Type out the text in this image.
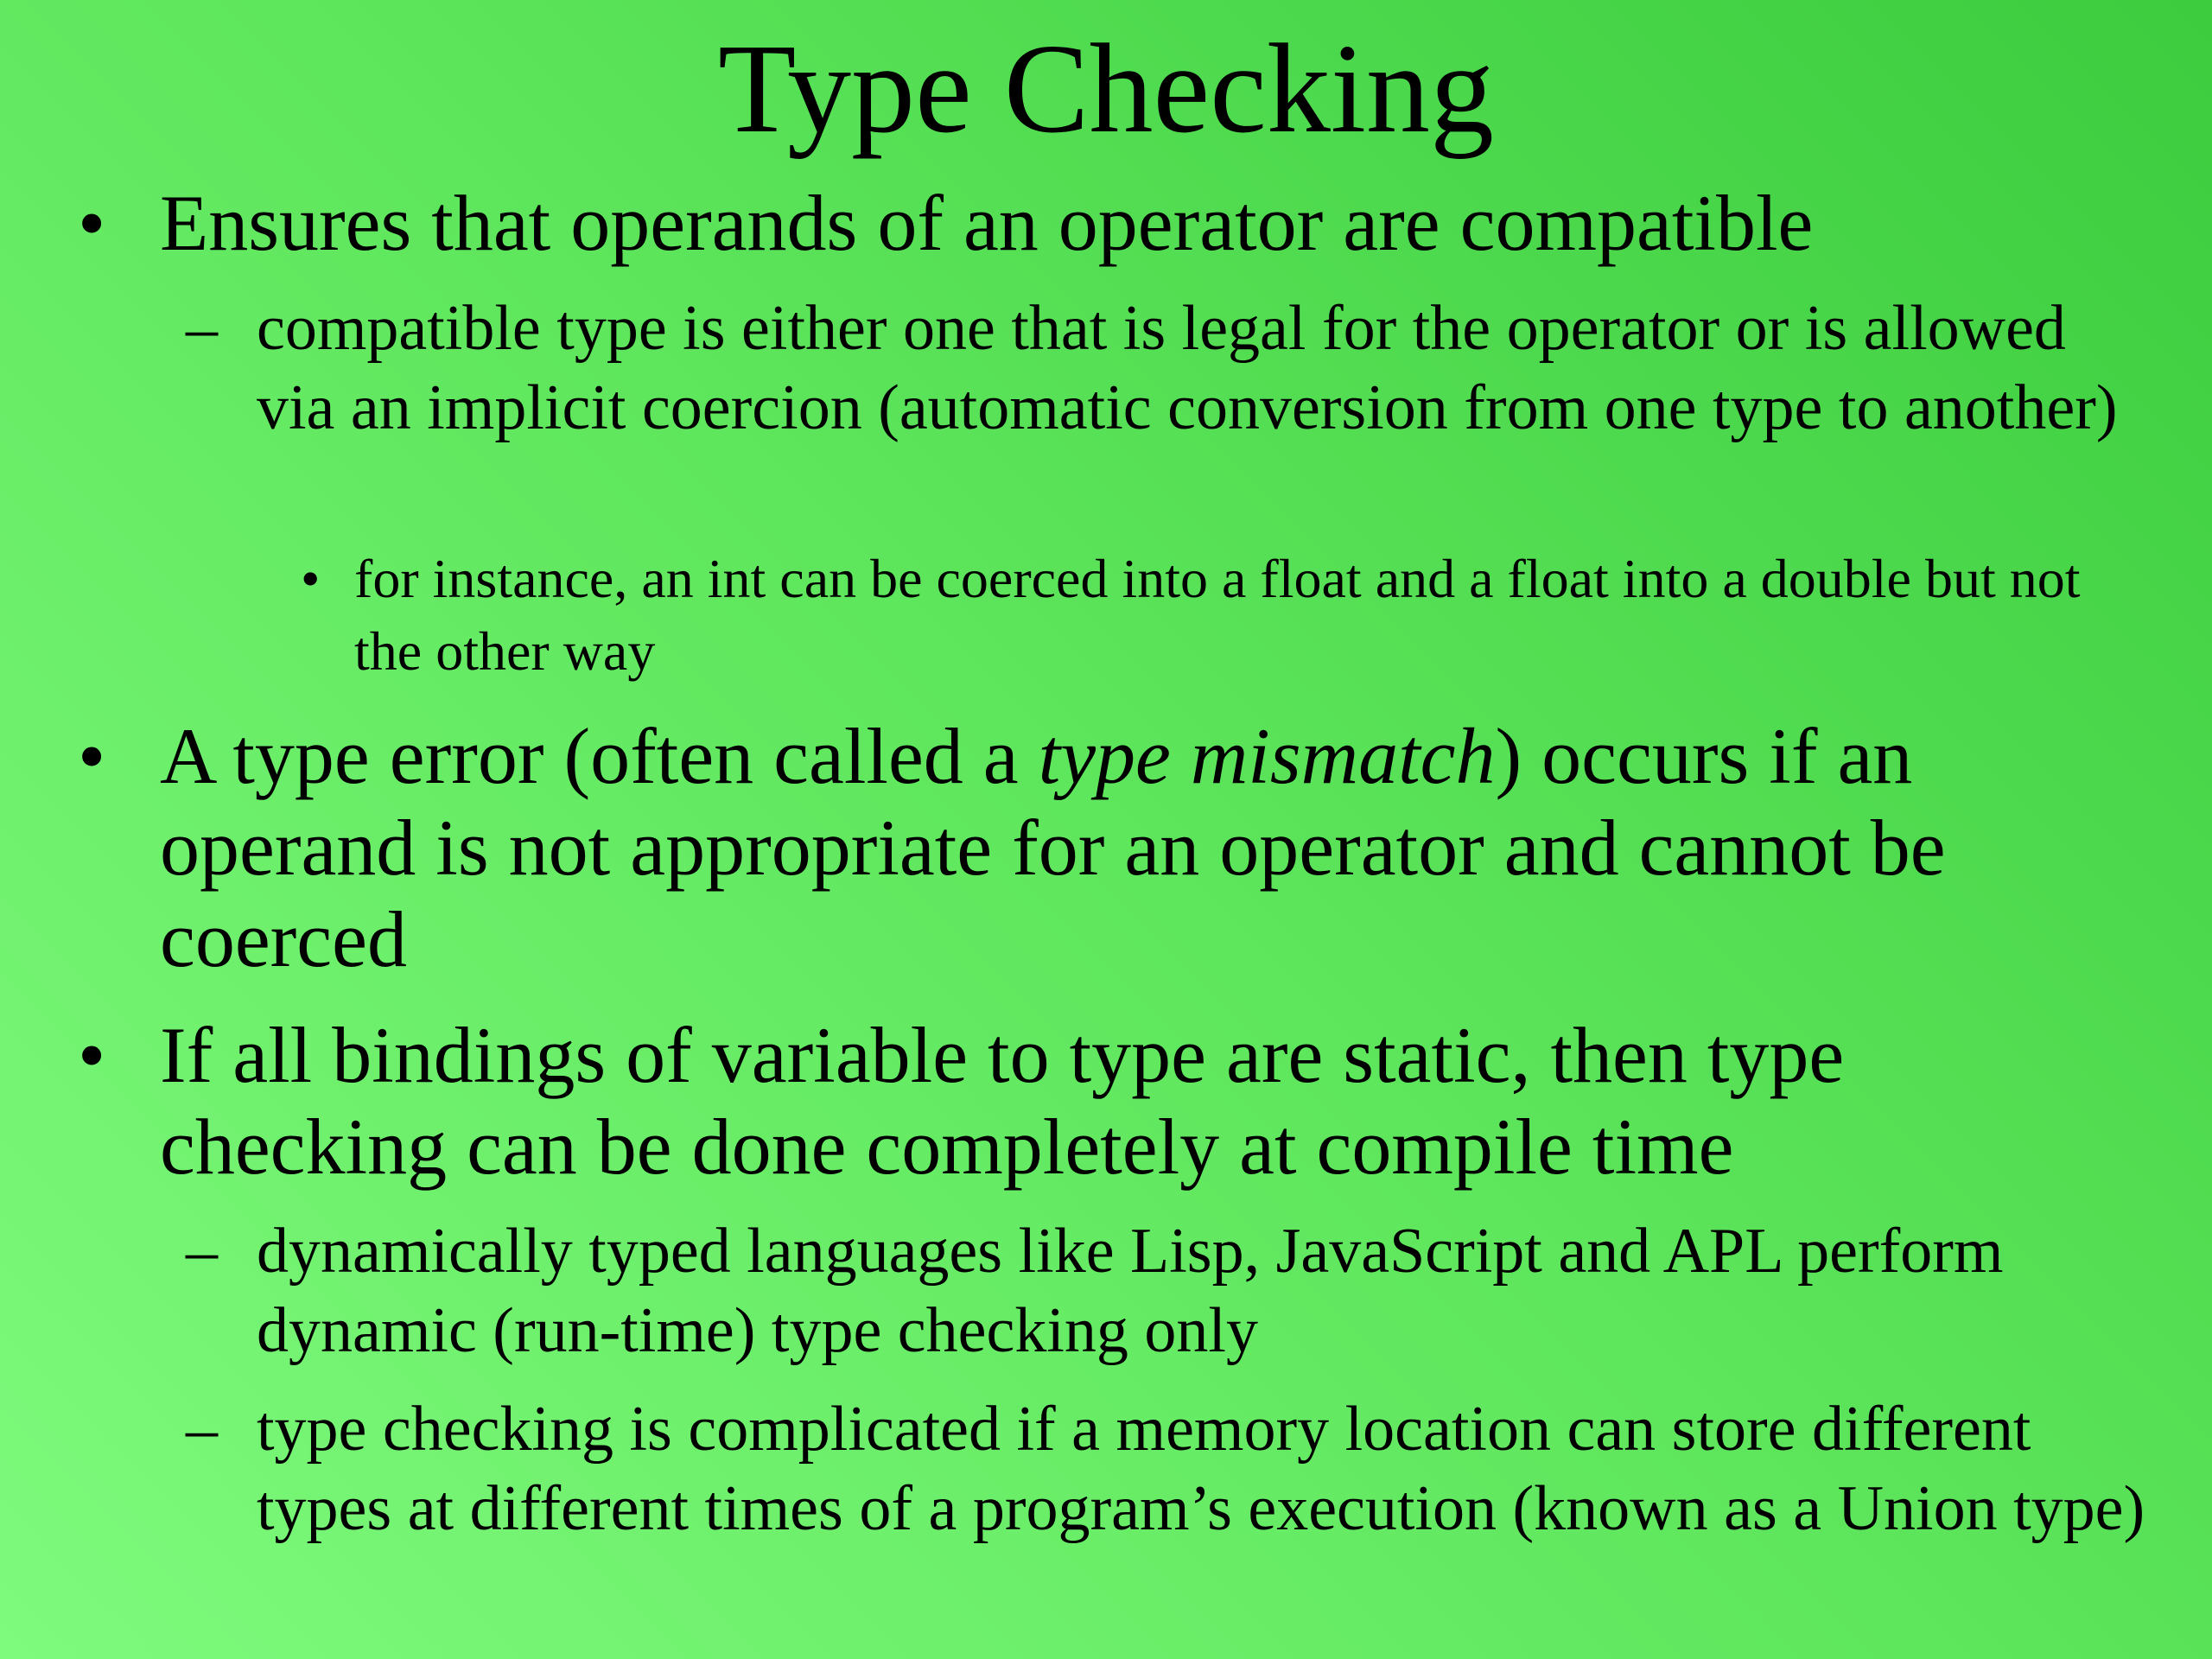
Type Checking
• Ensures that operands of an operator are compatible
– compatible type is either one that is legal for the operator or is allowed via an implicit coercion (automatic conversion from one type to another)
• for instance, an int can be coerced into a float and a float into a double but not the other way
• A type error (often called a type mismatch) occurs if an operand is not appropriate for an operator and cannot be coerced
• If all bindings of variable to type are static, then type checking can be done completely at compile time
– dynamically typed languages like Lisp, JavaScript and APL perform dynamic (run-time) type checking only
– type checking is complicated if a memory location can store different types at different times of a program’s execution (known as a Union type)
